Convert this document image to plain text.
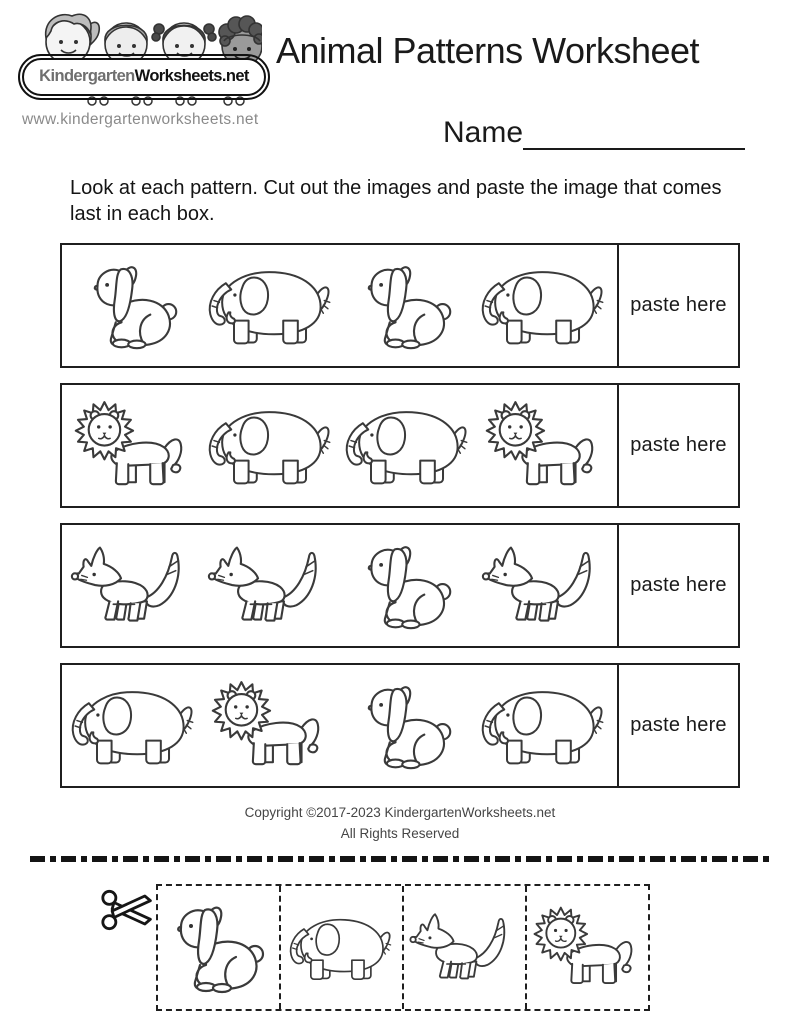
KindergartenWorksheets.net
www.kindergartenworksheets.net
Animal Patterns Worksheet
Name

Look at each pattern. Cut out the images and paste the image that comes last in each box.

paste here
paste here
paste here
paste here
Copyright ©2017-2023 KindergartenWorksheets.net
All Rights Reserved
